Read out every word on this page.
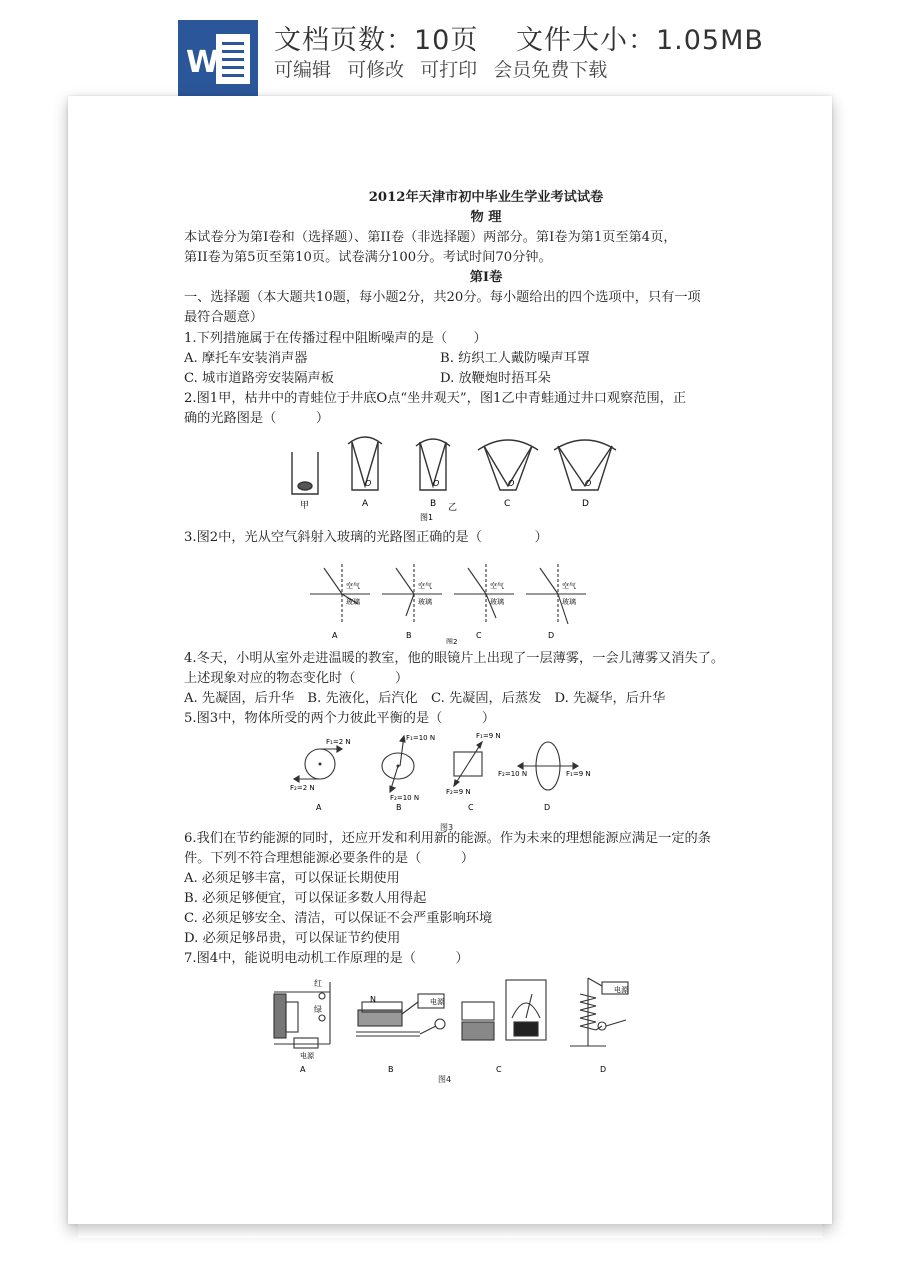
W
文档页数：10页 文件大小：1.05MB
可编辑 可修改 可打印 会员免费下载
2012年天津市初中毕业生学业考试试卷
物 理
本试卷分为第I卷和（选择题）、第II卷（非选择题）两部分。第I卷为第1页至第4页，
第II卷为第5页至第10页。试卷满分100分。考试时间70分钟。
第I卷
一、选择题（本大题共10题，每小题2分，共20分。每小题给出的四个选项中，只有一项
最符合题意）
1.下列措施属于在传播过程中阻断噪声的是（　　）
A. 摩托车安装消声器	B. 纺织工人戴防噪声耳罩
C. 城市道路旁安装隔声板	D. 放鞭炮时捂耳朵
2.图1甲，枯井中的青蛙位于井底O点“坐井观天”，图1乙中青蛙通过井口观察范围，正
确的光路图是（　　　）
O	O	O	O
甲	A	B 乙	C	D
图1
3.图2中，光从空气斜射入玻璃的光路图正确的是（　　　　）
空气
玻璃
空气
玻璃
空气
玻璃
空气
玻璃
A	B	C	D
图2
4.冬天，小明从室外走进温暖的教室，他的眼镜片上出现了一层薄雾，一会儿薄雾又消失了。
上述现象对应的物态变化时（　　　）
A. 先凝固，后升华　B. 先液化，后汽化　C. 先凝固，后蒸发　D. 先凝华，后升华
5.图3中，物体所受的两个力彼此平衡的是（　　　）
F₁=2 N
F₂=2 N
F₁=10 N
F₂=10 N
F₁=9 N
F₂=9 N
F₁=9 N
F₂=10 N
A	B	C	D
图3
6.我们在节约能源的同时，还应开发和利用新的能源。作为未来的理想能源应满足一定的条
件。下列不符合理想能源必要条件的是（　　　）
A. 必须足够丰富，可以保证长期使用
B. 必须足够便宜，可以保证多数人用得起
C. 必须足够安全、清洁，可以保证不会严重影响环境
D. 必须足够昂贵，可以保证节约使用
7.图4中，能说明电动机工作原理的是（　　　）
红
绿
电源
N	电源
电源
A	B	C	D
图4
